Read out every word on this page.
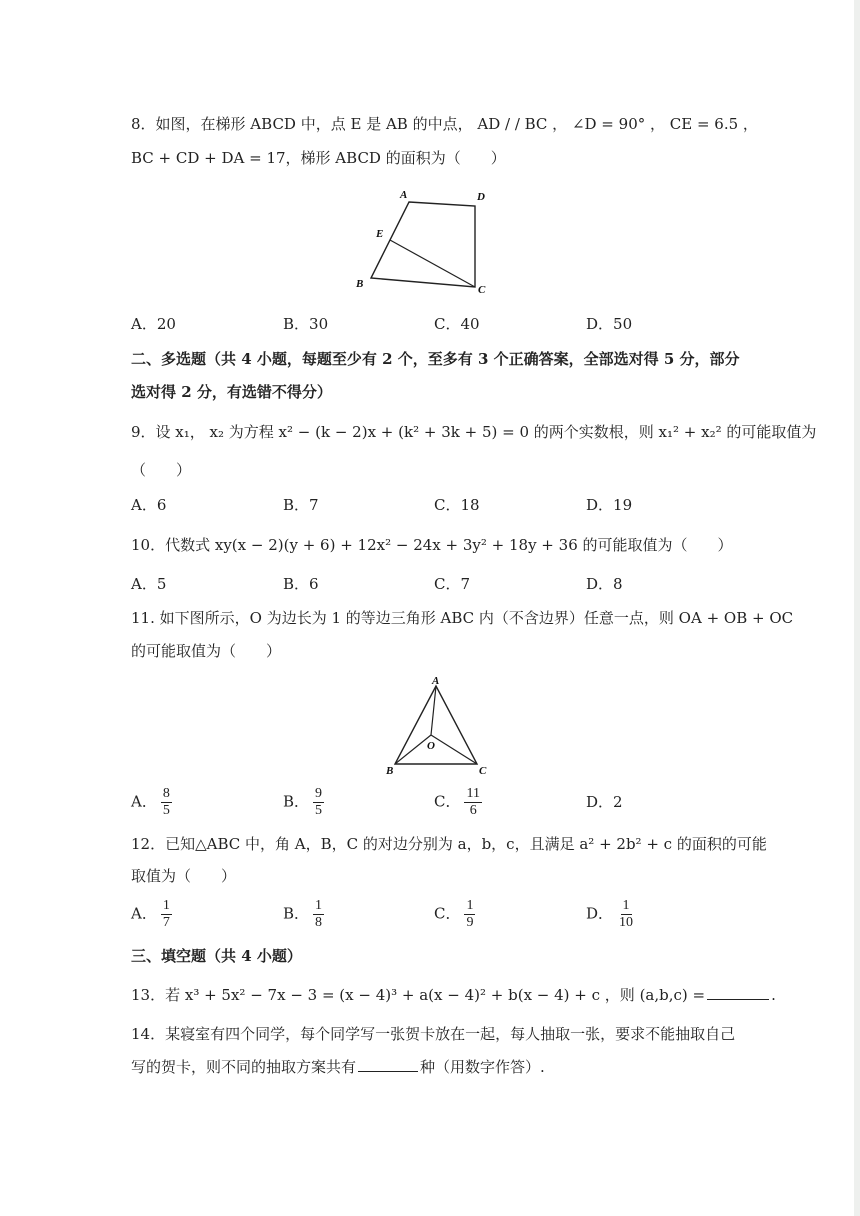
8．如图，在梯形 ABCD 中，点 E 是 AB 的中点， AD / / BC ， ∠D = 90° ， CE = 6.5 ，
BC + CD + DA = 17，梯形 ABCD 的面积为（　　）
A	D
E
B	C
A．20	B．30	C．40	D．50
二、多选题（共 4 小题，每题至少有 2 个，至多有 3 个正确答案，全部选对得 5 分，部分
选对得 2 分，有选错不得分）
9．设 x₁， x₂ 为方程 x² − (k − 2)x + (k² + 3k + 5) = 0 的两个实数根，则 x₁² + x₂² 的可能取值为
（　　）
A．6	B．7	C．18	D．19
10．代数式 xy(x − 2)(y + 6) + 12x² − 24x + 3y² + 18y + 36 的可能取值为（　　）
A．5	B．6	C．7	D．8
11. 如下图所示，O 为边长为 1 的等边三角形 ABC 内（不含边界）任意一点，则 OA + OB + OC
的可能取值为（　　）
A
O
B	C
A． $\frac{8}{5}$	B． $\frac{9}{5}$	C． $\frac{11}{6}$	D．2
12．已知△ABC 中，角 A，B，C 的对边分别为 a，b，c，且满足 a² + 2b² + c 的面积的可能
取值为（　　）
A． $\frac{1}{7}$	B． $\frac{1}{8}$	C． $\frac{1}{9}$	D． $\frac{1}{10}$
三、填空题（共 4 小题）
13．若 x³ + 5x² − 7x − 3 = (x − 4)³ + a(x − 4)² + b(x − 4) + c ，则 (a,b,c) =	.
14．某寝室有四个同学，每个同学写一张贺卡放在一起，每人抽取一张，要求不能抽取自己
写的贺卡，则不同的抽取方案共有	种（用数字作答）.
